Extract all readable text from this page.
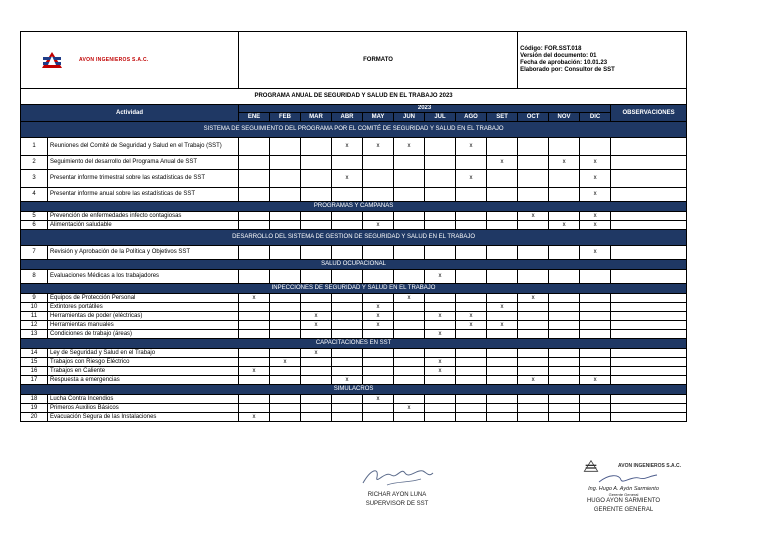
AVON INGENIEROS S.A.C.		FORMATO									Código: FOR.SST.018
Versión del documento: 01
Fecha de aprobación: 10.01.23
Elaborado por: Consultor de SST			

PROGRAMA ANUAL DE SEGURIDAD Y SALUD EN EL TRABAJO 2023														
Actividad		2023												OBSERVACIONES
		ENE	FEB	MAR	ABR	MAY	JUN	JUL	AGO	SET	OCT	NOV	DIC	
SISTEMA DE SEGUIMIENTO DEL PROGRAMA POR EL COMITÉ DE SEGURIDAD Y SALUD EN EL TRABAJO														
1	Reuniones del Comité de Seguridad y Salud en el Trabajo (SST)				x	x	x		x					
2	Seguimiento del desarrollo del Programa Anual de SST									x		x	x	
3	Presentar informe trimestral sobre las estadísticas de SST				x				x				x	
4	Presentar informe anual sobre las estadísticas de SST												x	
PROGRAMAS Y CAMPAÑAS														
5	Prevención de enfermedades infecto contagiosas										x		x	
6	Alimentación saludable					x						x	x	
DESARROLLO DEL SISTEMA DE GESTION DE SEGURIDAD Y SALUD EN EL TRABAJO														
7	Revisión y Aprobación de la Política y Objetivos SST												x	
SALUD OCUPACIONAL														
8	Evaluaciones Médicas a los trabajadores							x						
INPECCIONES DE SEGURIDAD Y SALUD EN EL TRABAJO														
9	Equipos de Protección Personal	x					x				x			
10	Extintores portátiles					x				x				
11	Herramientas de poder (eléctricas)			x		x		x	x					
12	Herramientas manuales			x		x			x	x				
13	Condiciones de trabajo (áreas)							x						
CAPACITACIONES EN SST														
14	Ley de Seguridad y Salud en el Trabajo			x										
15	Trabajos con Riesgo Eléctrico		x					x						
16	Trabajos en Caliente	x						x						
17	Respuesta a emergencias				x						x		x	
SIMULACROS														
18	Lucha Contra Incendios					x								
19	Primeros Auxilios Básicos						x							
20	Evacuación Segura de las Instalaciones	x												
RICHAR AYON LUNA
SUPERVISOR DE SST
AVON INGENIEROS S.A.C.
Ing. Hugo A. Ayón Sarmiento
Gerente General
HUGO AYON SARMIENTO
GERENTE GENERAL
